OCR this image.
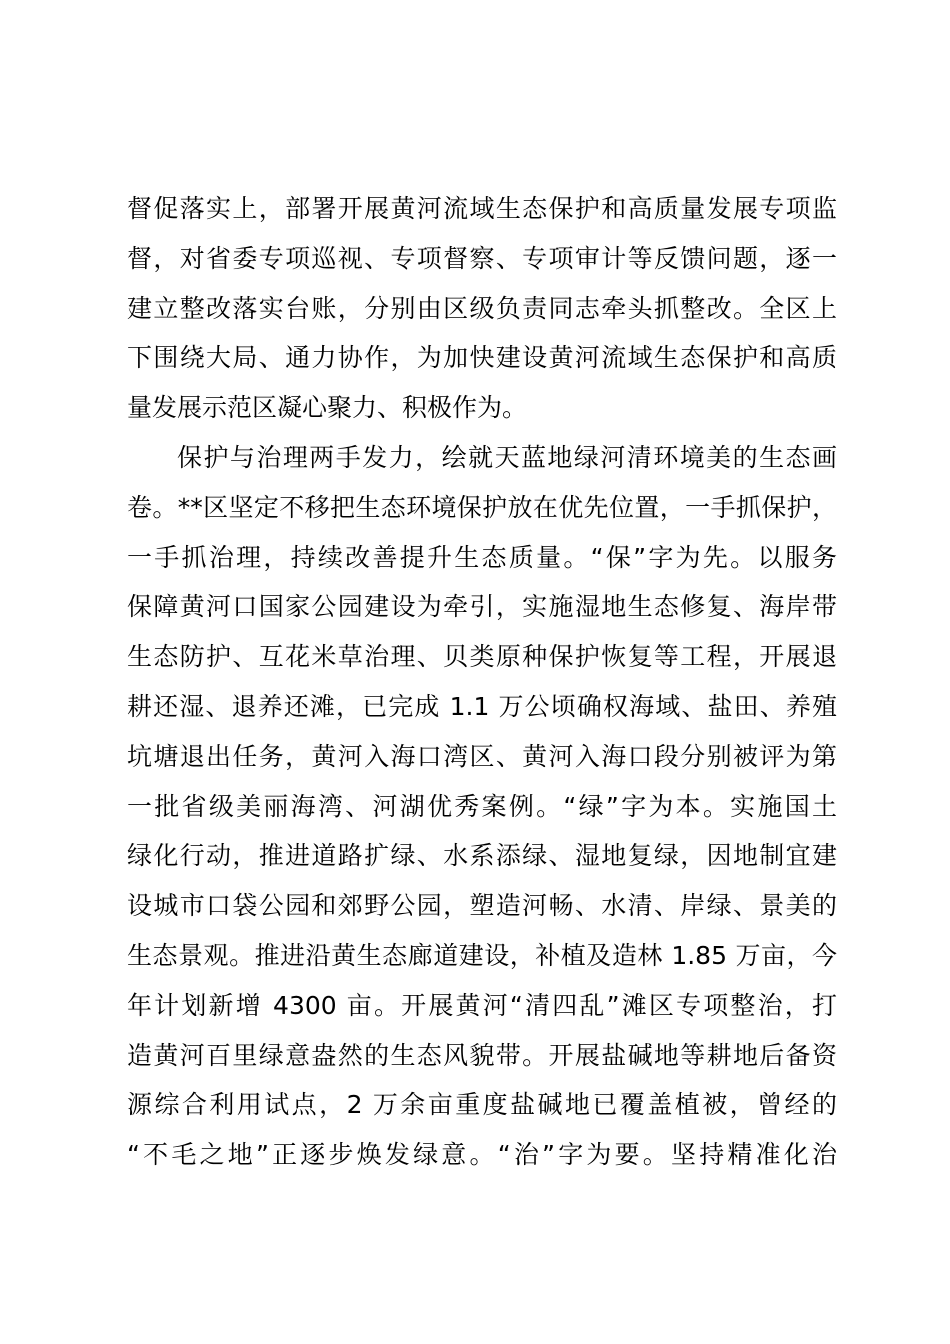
督促落实上，部署开展黄河流域生态保护和高质量发展专项监
督，对省委专项巡视、专项督察、专项审计等反馈问题，逐一
建立整改落实台账，分别由区级负责同志牵头抓整改。全区上
下围绕大局、通力协作，为加快建设黄河流域生态保护和高质
量发展示范区凝心聚力、积极作为。
保护与治理两手发力，绘就天蓝地绿河清环境美的生态画
卷。**区坚定不移把生态环境保护放在优先位置，一手抓保护，
一手抓治理，持续改善提升生态质量。“保”字为先。以服务
保障黄河口国家公园建设为牵引，实施湿地生态修复、海岸带
生态防护、互花米草治理、贝类原种保护恢复等工程，开展退
耕还湿、退养还滩，已完成 1.1 万公顷确权海域、盐田、养殖
坑塘退出任务，黄河入海口湾区、黄河入海口段分别被评为第
一批省级美丽海湾、河湖优秀案例。“绿”字为本。实施国土
绿化行动，推进道路扩绿、水系添绿、湿地复绿，因地制宜建
设城市口袋公园和郊野公园，塑造河畅、水清、岸绿、景美的
生态景观。推进沿黄生态廊道建设，补植及造林 1.85 万亩，今
年计划新增 4300 亩。开展黄河“清四乱”滩区专项整治，打
造黄河百里绿意盎然的生态风貌带。开展盐碱地等耕地后备资
源综合利用试点，2 万余亩重度盐碱地已覆盖植被，曾经的
“不毛之地”正逐步焕发绿意。“治”字为要。坚持精准化治
